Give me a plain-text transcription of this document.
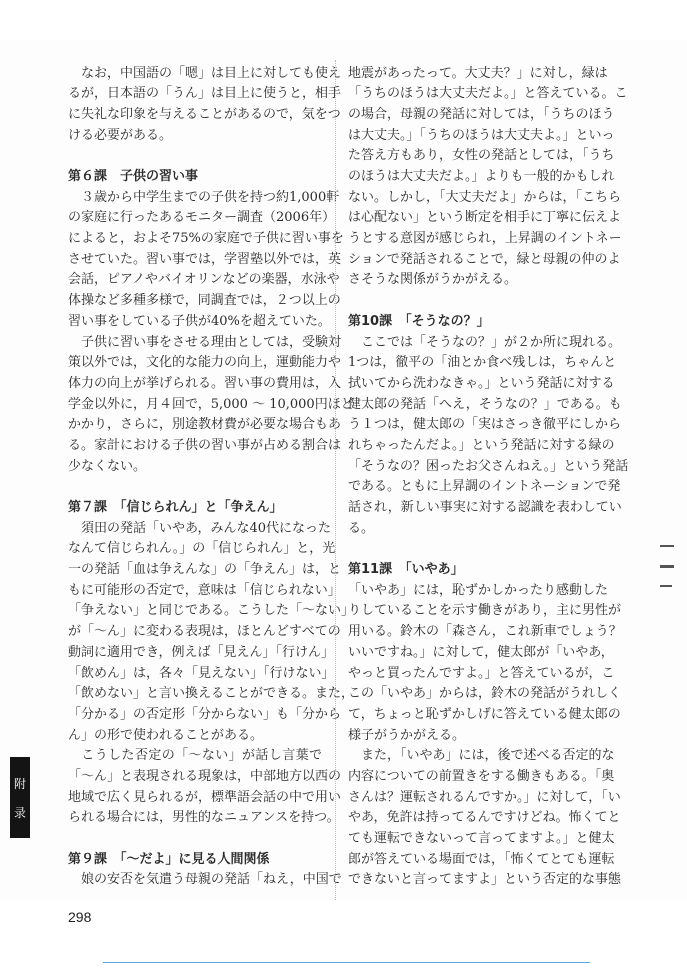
　なお，中国語の「嗯」は目上に対しても使え
るが，日本語の「うん」は目上に使うと，相手
に失礼な印象を与えることがあるので，気をつ
ける必要がある。
第６課　子供の習い事
　３歳から中学生までの子供を持つ約1,000軒
の家庭に行ったあるモニター調査（2006年）
によると，およそ75%の家庭で子供に習い事を
させていた。習い事では，学習塾以外では，英
会話，ピアノやバイオリンなどの楽器，水泳や
体操など多種多様で，同調査では，２つ以上の
習い事をしている子供が40%を超えていた。
　子供に習い事をさせる理由としては，受験対
策以外では，文化的な能力の向上，運動能力や
体力の向上が挙げられる。習い事の費用は，入
学金以外に，月４回で，5,000 ～ 10,000円ほど
かかり，さらに，別途教材費が必要な場合もあ
る。家計における子供の習い事が占める割合は
少なくない。
第７課　「信じられん」と「争えん」
　須田の発話「いやあ，みんな40代になった
なんて信じられん。」の「信じられん」と，光
一の発話「血は争えんな」の「争えん」は，と
もに可能形の否定で，意味は「信じられない」
「争えない」と同じである。こうした「～ない」
が「～ん」に変わる表現は，ほとんどすべての
動詞に適用でき，例えば「見えん」「行けん」
「飲めん」は，各々「見えない」「行けない」
「飲めない」と言い換えることができる。また，
「分かる」の否定形「分からない」も「分から
ん」の形で使われることがある。
　こうした否定の「～ない」が話し言葉で
「～ん」と表現される現象は，中部地方以西の
地域で広く見られるが，標準語会話の中で用い
られる場合には，男性的なニュアンスを持つ。
第９課　「～だよ」に見る人間関係
　娘の安否を気遣う母親の発話「ねえ，中国で
地震があったって。大丈夫？」に対し，緑は
「うちのほうは大丈夫だよ。」と答えている。こ
の場合，母親の発話に対しては，「うちのほう
は大丈夫。」「うちのほうは大丈夫よ。」といっ
た答え方もあり，女性の発話としては，「うち
のほうは大丈夫だよ。」よりも一般的かもしれ
ない。しかし，「大丈夫だよ」からは，「こちら
は心配ない」という断定を相手に丁寧に伝えよ
うとする意図が感じられ，上昇調のイントネー
ションで発話されることで，緑と母親の仲のよ
さそうな関係がうかがえる。
第10課　「そうなの？」
　ここでは「そうなの？」が２か所に現れる。
1つは，徹平の「油とか食べ残しは，ちゃんと
拭いてから洗わなきゃ。」という発話に対する
健太郎の発話「へえ，そうなの？」である。も
う１つは，健太郎の「実はさっき徹平にしから
れちゃったんだよ。」という発話に対する緑の
「そうなの？困ったお父さんねえ。」という発話
である。ともに上昇調のイントネーションで発
話され，新しい事実に対する認識を表わしてい
る。
第11課　「いやあ」
「いやあ」には，恥ずかしかったり感動した
りしていることを示す働きがあり，主に男性が
用いる。鈴木の「森さん，これ新車でしょう？
いいですね。」に対して，健太郎が「いやあ，
やっと買ったんですよ。」と答えているが，こ
この「いやあ」からは，鈴木の発話がうれしく
て，ちょっと恥ずかしげに答えている健太郎の
様子がうかがえる。
　また，「いやあ」には，後で述べる否定的な
内容についての前置きをする働きもある。「奥
さんは？運転されるんですか。」に対して，「い
やあ，免許は持ってるんですけどね。怖くてと
ても運転できないって言ってますよ。」と健太
郎が答えている場面では，「怖くてとても運転
できないと言ってますよ」という否定的な事態
附
录
298
